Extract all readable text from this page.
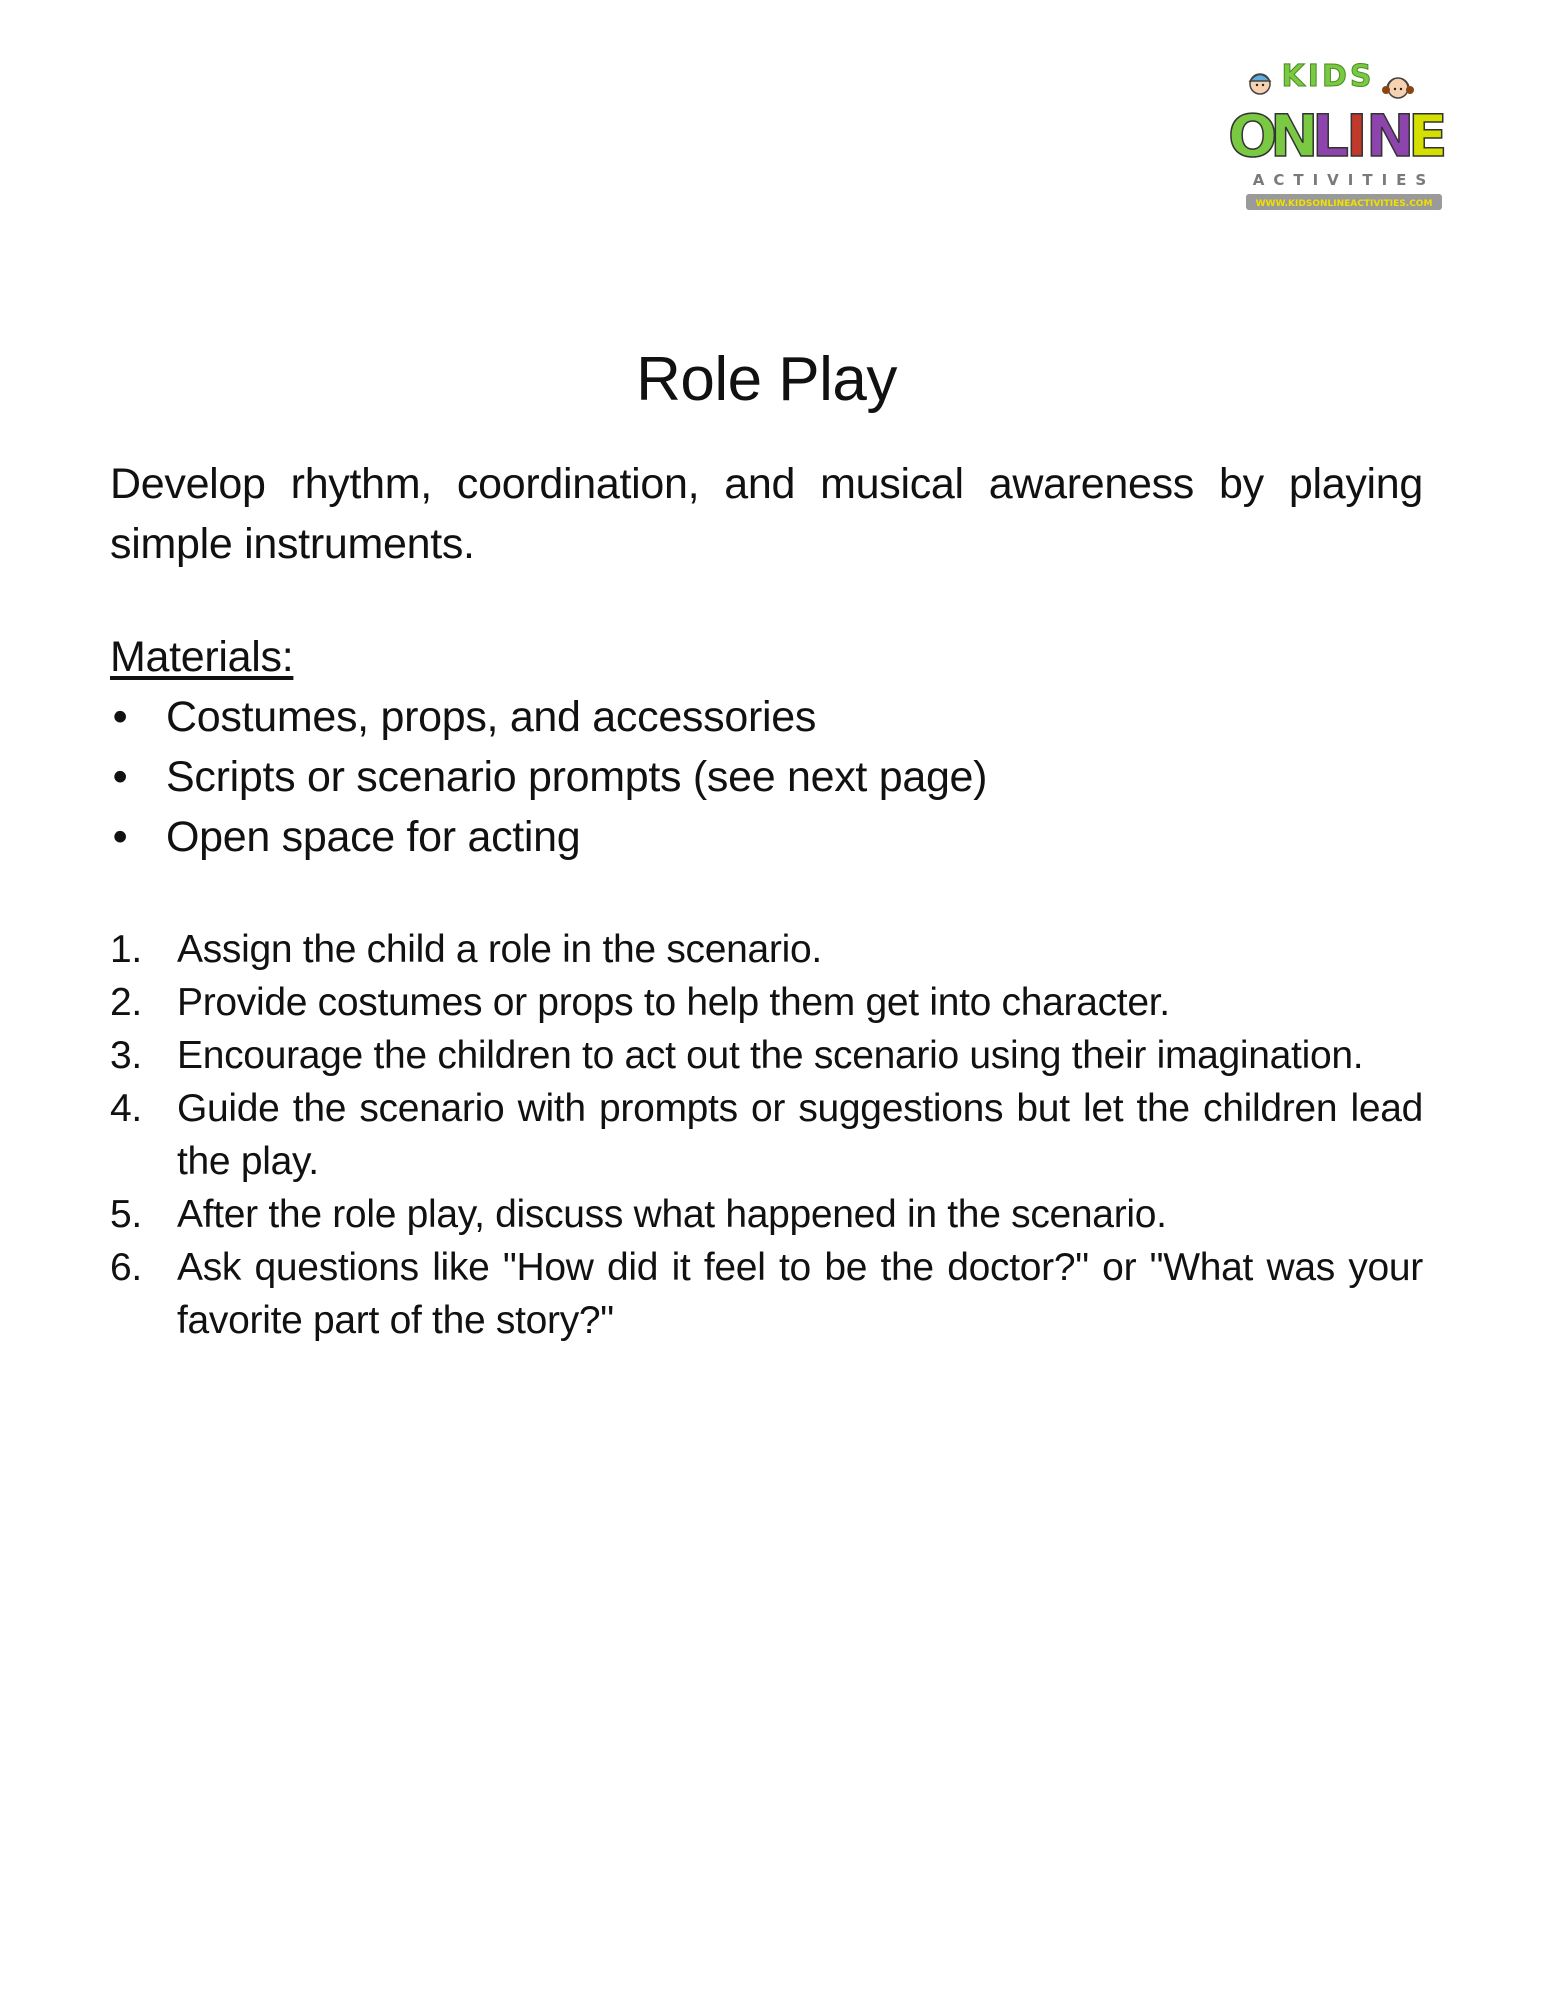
KIDS
O
N
L
I
N
E
ACTIVITIES
WWW.KIDSONLINEACTIVITIES.COM
Role Play

Develop rhythm, coordination, and musical awareness by playing simple instruments.

Materials:
• Costumes, props, and accessories
• Scripts or scenario prompts (see next page)
• Open space for acting
1. Assign the child a role in the scenario.
2. Provide costumes or props to help them get into character.
3. Encourage the children to act out the scenario using their imagination.
4. Guide the scenario with prompts or suggestions but let the children lead the play.
5. After the role play, discuss what happened in the scenario.
6. Ask questions like "How did it feel to be the doctor?" or "What was your favorite part of the story?"
